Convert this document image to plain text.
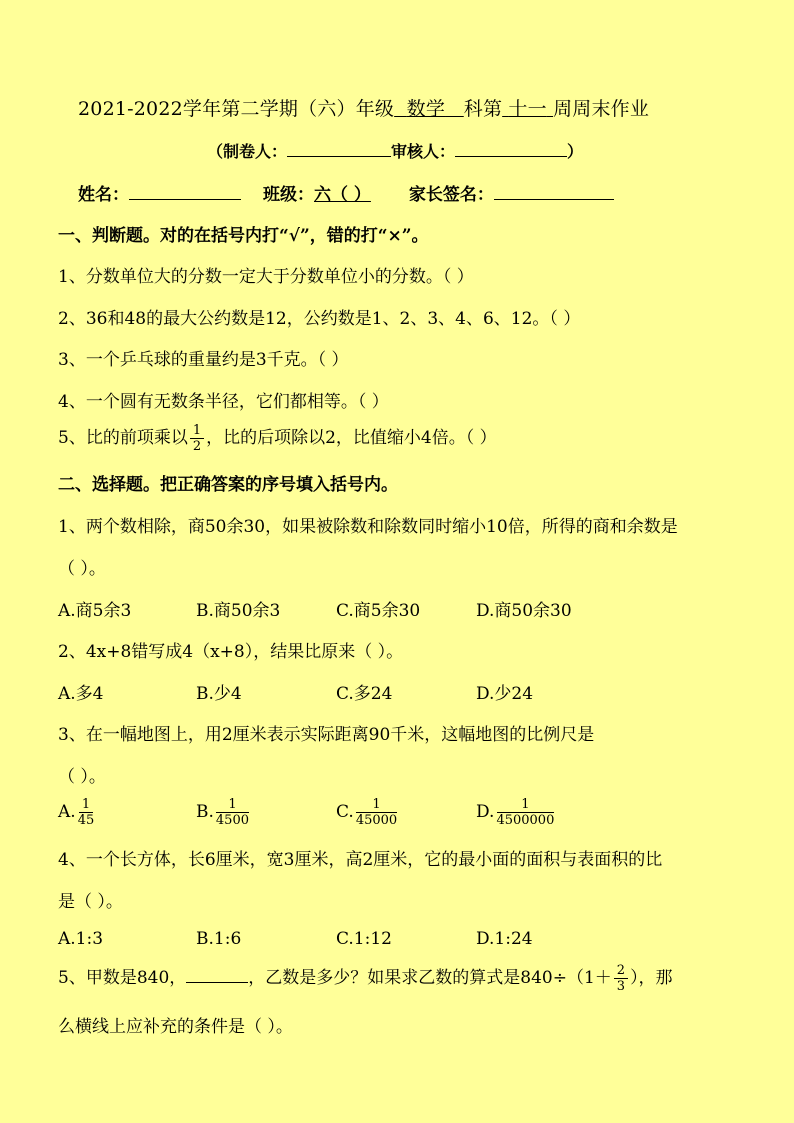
2021-2022学年第二学期（六）年级 数学 科第 十一 周周末作业
（制卷人：	审核人：	）
姓名：	班级：六（ ） 家长签名：
一、判断题。对的在括号内打“√”，错的打“×”。
1、分数单位大的分数一定大于分数单位小的分数。（ ）
2、36和48的最大公约数是12，公约数是1、2、3、4、6、12。（ ）
3、一个乒乓球的重量约是3千克。（ ）
4、一个圆有无数条半径，它们都相等。（ ）
5、比的前项乘以 $\frac{1}{2}$ ，比的后项除以2，比值缩小4倍。（ ）
二、选择题。把正确答案的序号填入括号内。
1、两个数相除，商50余30，如果被除数和除数同时缩小10倍，所得的商和余数是
（ ）。
A.商5余3	B.商50余3	C.商5余30	D.商50余30
2、4x+8错写成4（x+8），结果比原来（ ）。
A.多4	B.少4	C.多24	D.少24
3、在一幅地图上，用2厘米表示实际距离90千米，这幅地图的比例尺是
（ ）。
A. $\frac{1}{45}$	B. $\frac{1}{4500}$	C. $\frac{1}{45000}$	D. $\frac{1}{4500000}$
4、一个长方体，长6厘米，宽3厘米，高2厘米，它的最小面的面积与表面积的比
是（ ）。
A.1:3	B.1:6	C.1:12	D.1:24
5、甲数是840，	，乙数是多少？如果求乙数的算式是$840\div(1+ \frac{2}{3}$ ），那
么横线上应补充的条件是（ ）。
